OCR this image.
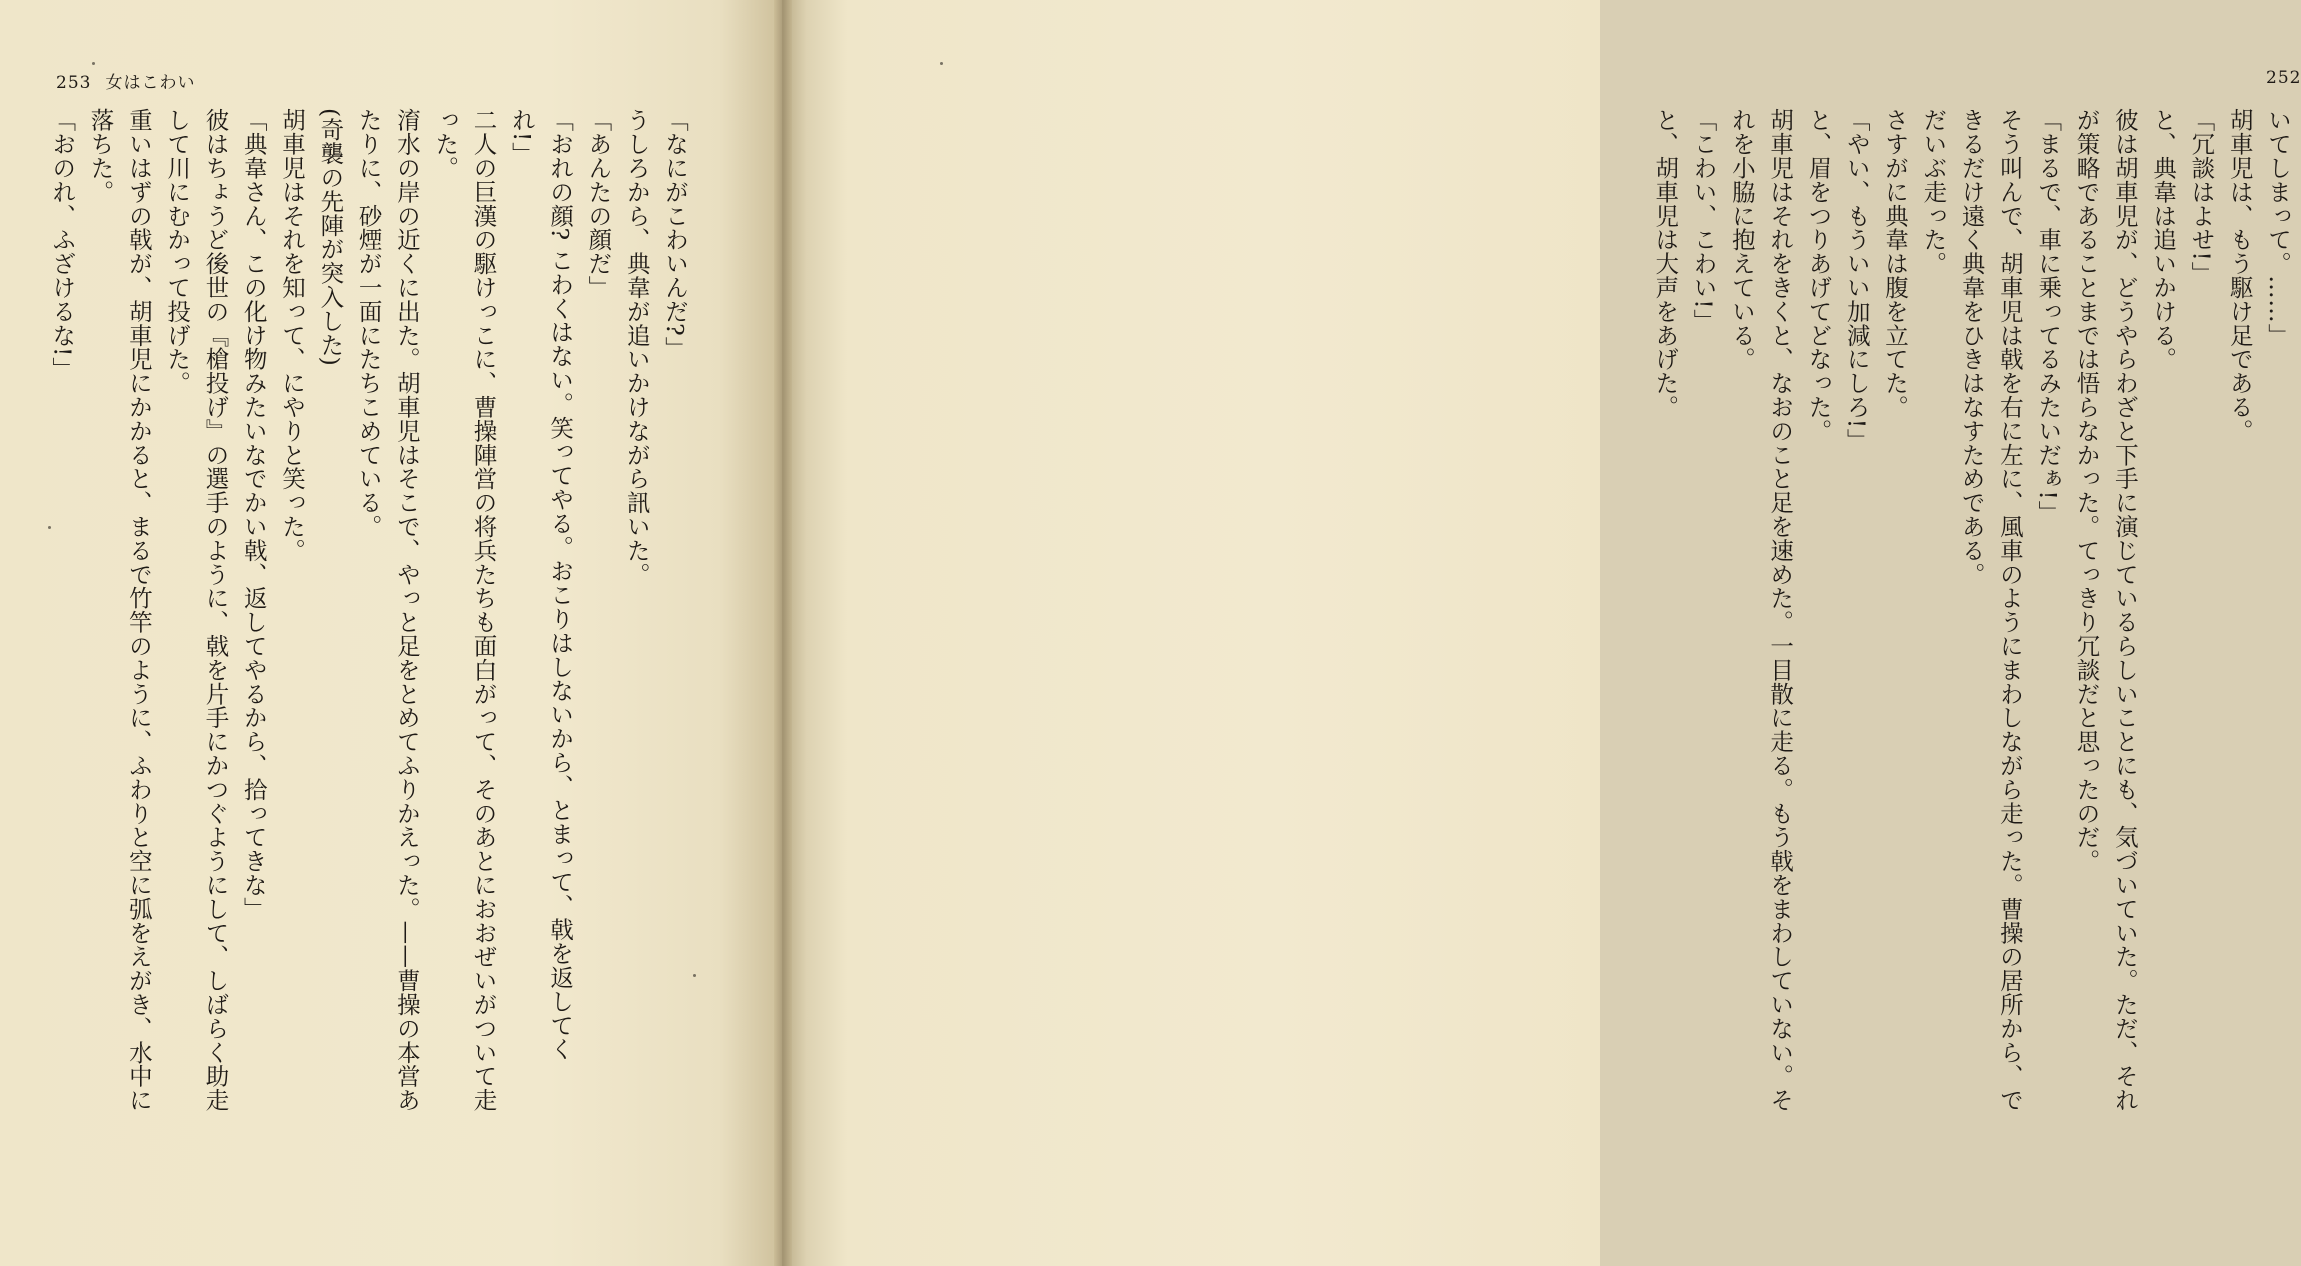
253 女はこわい
「なにがこわいんだ?」
うしろから、典韋が追いかけながら訊いた。
「あんたの顔だ」
「おれの顔? こわくはない。笑ってやる。おこりはしないから、とまって、戟を返してく
れ!」
二人の巨漢の駆けっこに、曹操陣営の将兵たちも面白がって、そのあとにおおぜいがついて走
った。
淯水の岸の近くに出た。胡車児はそこで、やっと足をとめてふりかえった。——曹操の本営あ
たりに、砂煙が一面にたちこめている。
(奇襲の先陣が突入した)
胡車児はそれを知って、にやりと笑った。
「典韋さん、この化け物みたいなでかい戟、返してやるから、拾ってきな」
彼はちょうど後世の『槍投げ』の選手のように、戟を片手にかつぐようにして、しばらく助走
して川にむかって投げた。
重いはずの戟が、胡車児にかかると、まるで竹竿のように、ふわりと空に弧をえがき、水中に
落ちた。
「おのれ、ふざけるな!」
252
いてしまって。……」
胡車児は、もう駆け足である。
「冗談はよせ!」
と、典韋は追いかける。
彼は胡車児が、どうやらわざと下手に演じているらしいことにも、気づいていた。ただ、それ
が策略であることまでは悟らなかった。てっきり冗談だと思ったのだ。
「まるで、車に乗ってるみたいだぁ!」
そう叫んで、胡車児は戟を右に左に、風車のようにまわしながら走った。曹操の居所から、で
きるだけ遠く典韋をひきはなすためである。
だいぶ走った。
さすがに典韋は腹を立てた。
「やい、もういい加減にしろ!」
と、眉をつりあげてどなった。
胡車児はそれをきくと、なおのこと足を速めた。一目散に走る。もう戟をまわしていない。そ
れを小脇に抱えている。
「こわい、こわい!」
と、胡車児は大声をあげた。
